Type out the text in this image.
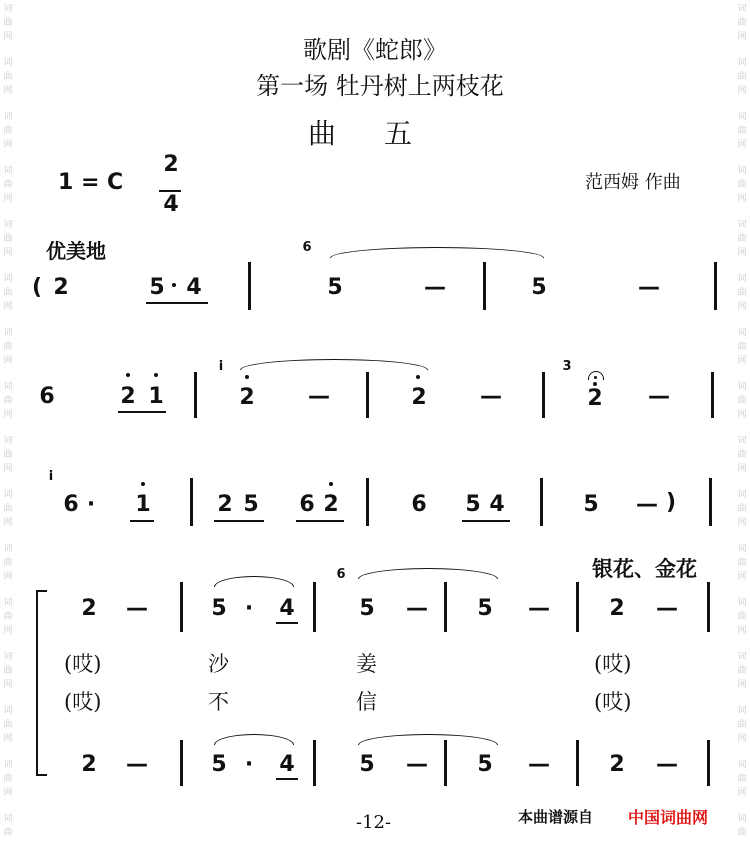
词
曲
网
词
曲
网
词
曲
网
词
曲
网
词
曲
网
词
曲
网
词
曲
网
词
曲
网
词
曲
网
词
曲
网
词
曲
网
词
曲
网
词
曲
网
词
曲
网
词
曲
网
词
曲
词
曲
网
词
曲
网
词
曲
网
词
曲
网
词
曲
网
词
曲
网
词
曲
网
词
曲
网
词
曲
网
词
曲
网
词
曲
网
词
曲
网
词
曲
网
词
曲
网
词
曲
网
词
曲
歌剧《蛇郎》
第一场 牡丹树上两枝花
曲 五
1 = C
2
4
范西姆 作曲
优美地
( 2	5 4
6
5	—	5	—
6	2 1
i
2 —	2 —
3
2 —
i
6 ·	1	2 5 6 2	6 5 4	5 — )
银花、金花
2 —	5 ·	4
6
5 — 5 —	2 —
(哎)	沙	姜	(哎)
(哎)	不	信	(哎)
2 —	5 ·	4	5 — 5 —	2 —
-12-	本曲谱源自 中国词曲网
